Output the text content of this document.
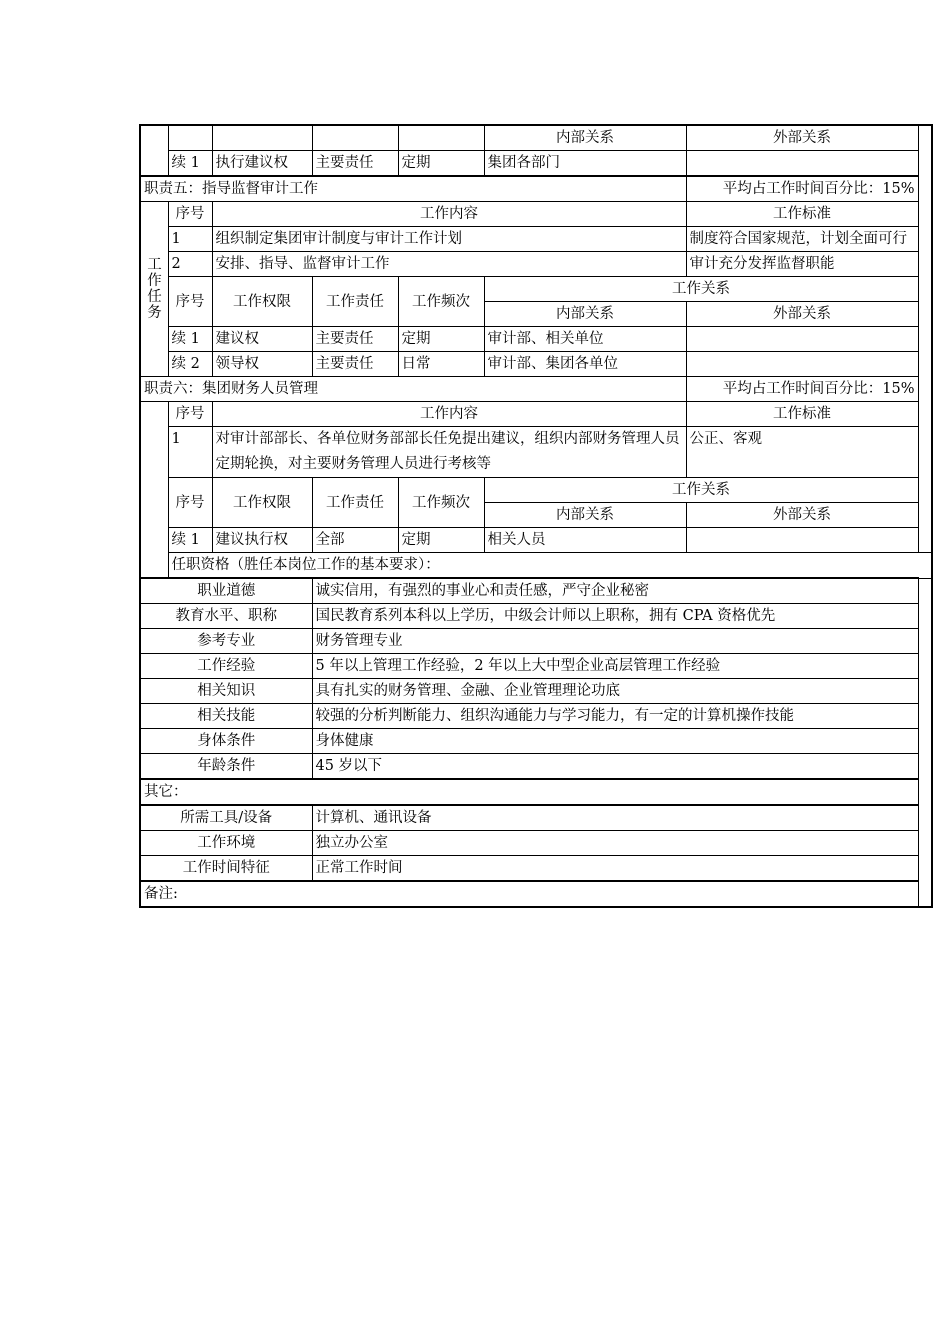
					内部关系	外部关系
	续 1	执行建议权	主要责任	定期	集团各部门	
职责五：指导监督审计工作						平均占工作时间百分比：15%
工作任务	序号	工作内容				工作标准
	1	组织制定集团审计制度与审计工作计划				制度符合国家规范，计划全面可行
	2	安排、指导、监督审计工作				审计充分发挥监督职能
	序号	工作权限	工作责任	工作频次	工作关系	
					内部关系	外部关系
	续 1	建议权	主要责任	定期	审计部、相关单位	
	续 2	领导权	主要责任	日常	审计部、集团各单位	
职责六：集团财务人员管理						平均占工作时间百分比：15%
	序号	工作内容				工作标准
	1	对审计部部长、各单位财务部部长任免提出建议，组织内部财务管理人员定期轮换，对主要财务管理人员进行考核等				公正、客观
	序号	工作权限	工作责任	工作频次	工作关系	
					内部关系	外部关系
	续 1	建议执行权	全部	定期	相关人员	
	任职资格（胜任本岗位工作的基本要求）：					
职业道德			诚实信用，有强烈的事业心和责任感，严守企业秘密			
教育水平、职称			国民教育系列本科以上学历，中级会计师以上职称，拥有 CPA 资格优先			
参考专业			财务管理专业			
工作经验			5 年以上管理工作经验，2 年以上大中型企业高层管理工作经验			
相关知识			具有扎实的财务管理、金融、企业管理理论功底			
相关技能			较强的分析判断能力、组织沟通能力与学习能力，有一定的计算机操作技能			
身体条件			身体健康			
年龄条件			45 岁以下			
其它：						
所需工具/设备			计算机、通讯设备			
工作环境			独立办公室			
工作时间特征			正常工作时间			
备注:						
